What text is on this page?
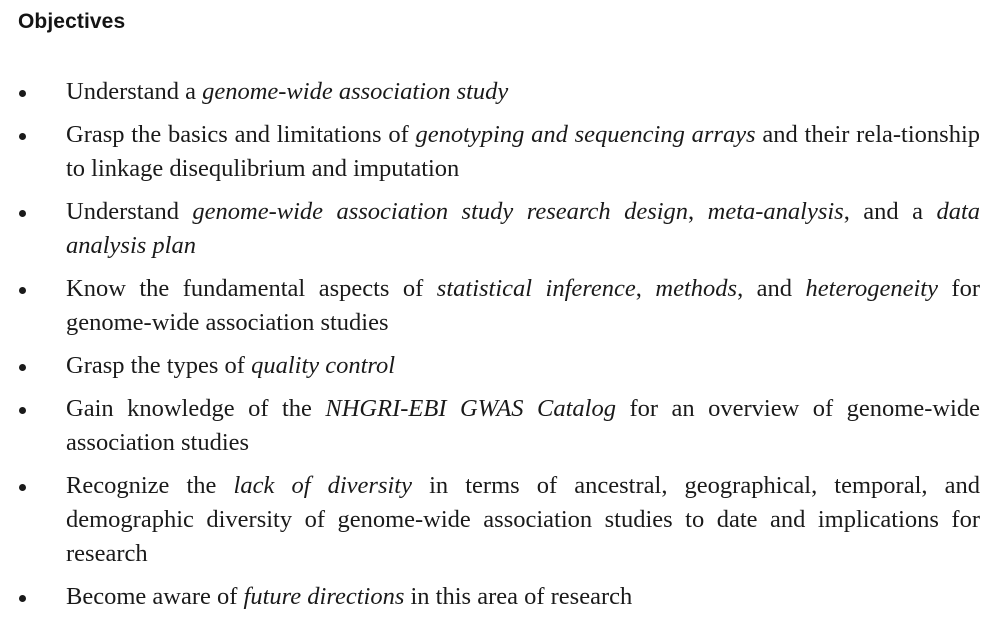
Objectives
Understand a genome-wide association study
Grasp the basics and limitations of genotyping and sequencing arrays and their rela-tionship to linkage disequlibrium and imputation
Understand genome-wide association study research design, meta-analysis, and a data analysis plan
Know the fundamental aspects of statistical inference, methods, and heterogeneity for genome-wide association studies
Grasp the types of quality control
Gain knowledge of the NHGRI-EBI GWAS Catalog for an overview of genome-wide association studies
Recognize the lack of diversity in terms of ancestral, geographical, temporal, and demographic diversity of genome-wide association studies to date and implications for research
Become aware of future directions in this area of research
